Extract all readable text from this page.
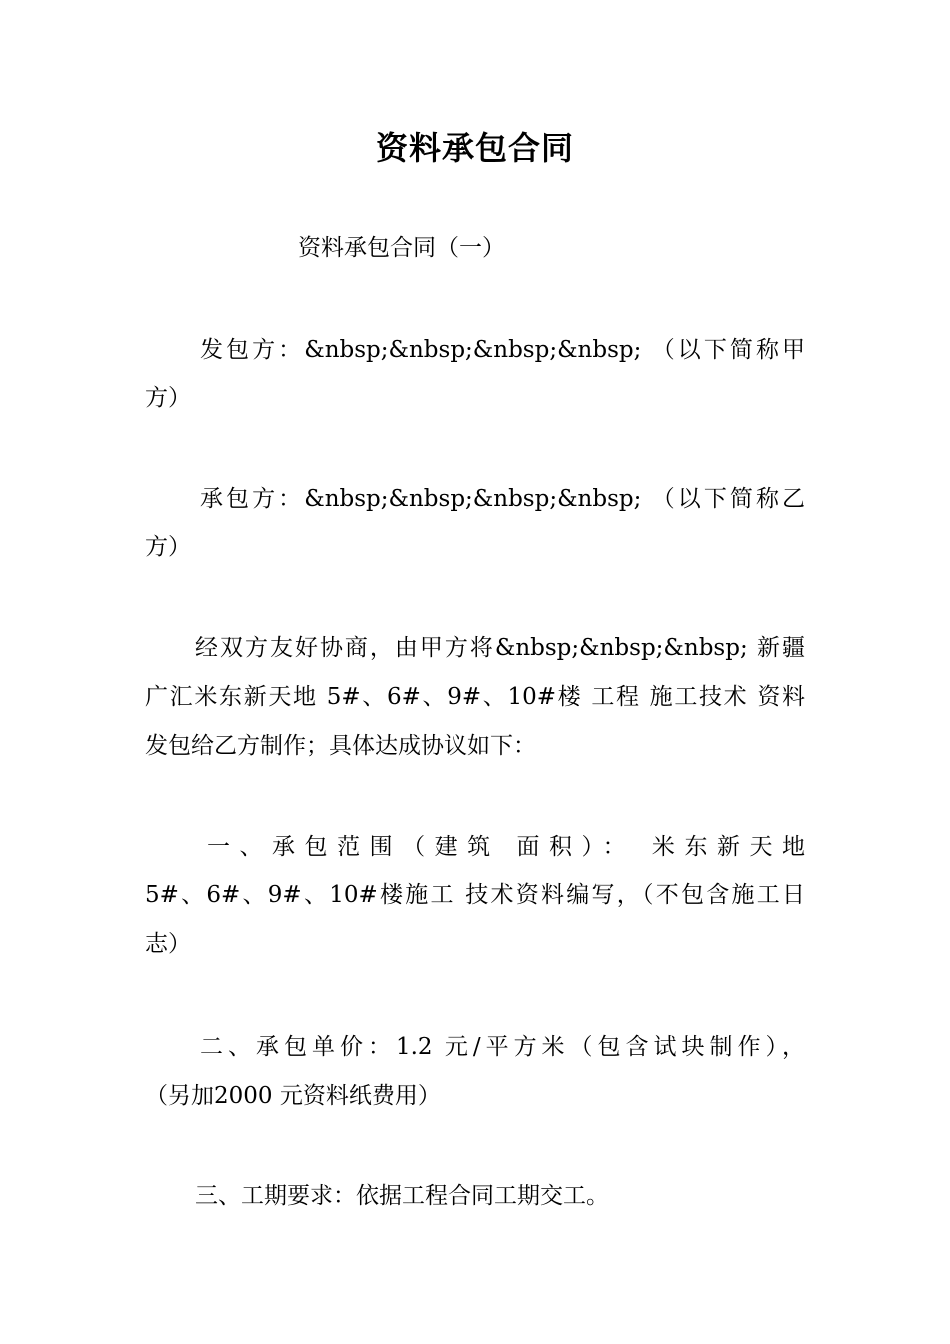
资料承包合同
资料承包合同（一）
发包方：&nbsp;&nbsp;&nbsp;&nbsp; （以下简称甲
方）
承包方：&nbsp;&nbsp;&nbsp;&nbsp; （以下简称乙
方）
经双方友好协商，由甲方将&nbsp;&nbsp;&nbsp; 新疆
广汇米东新天地 5#、6#、9#、10#楼 工程 施工技术 资料
发包给乙方制作；具体达成协议如下：
一、承包范围（建筑 面积）： 米东新天地
5#、6#、9#、10#楼施工 技术资料编写，（不包含施工日
志）
二、承包单价：1.2 元/平方米（包含试块制作），
（另加2000 元资料纸费用）
三、工期要求：依据工程合同工期交工。
